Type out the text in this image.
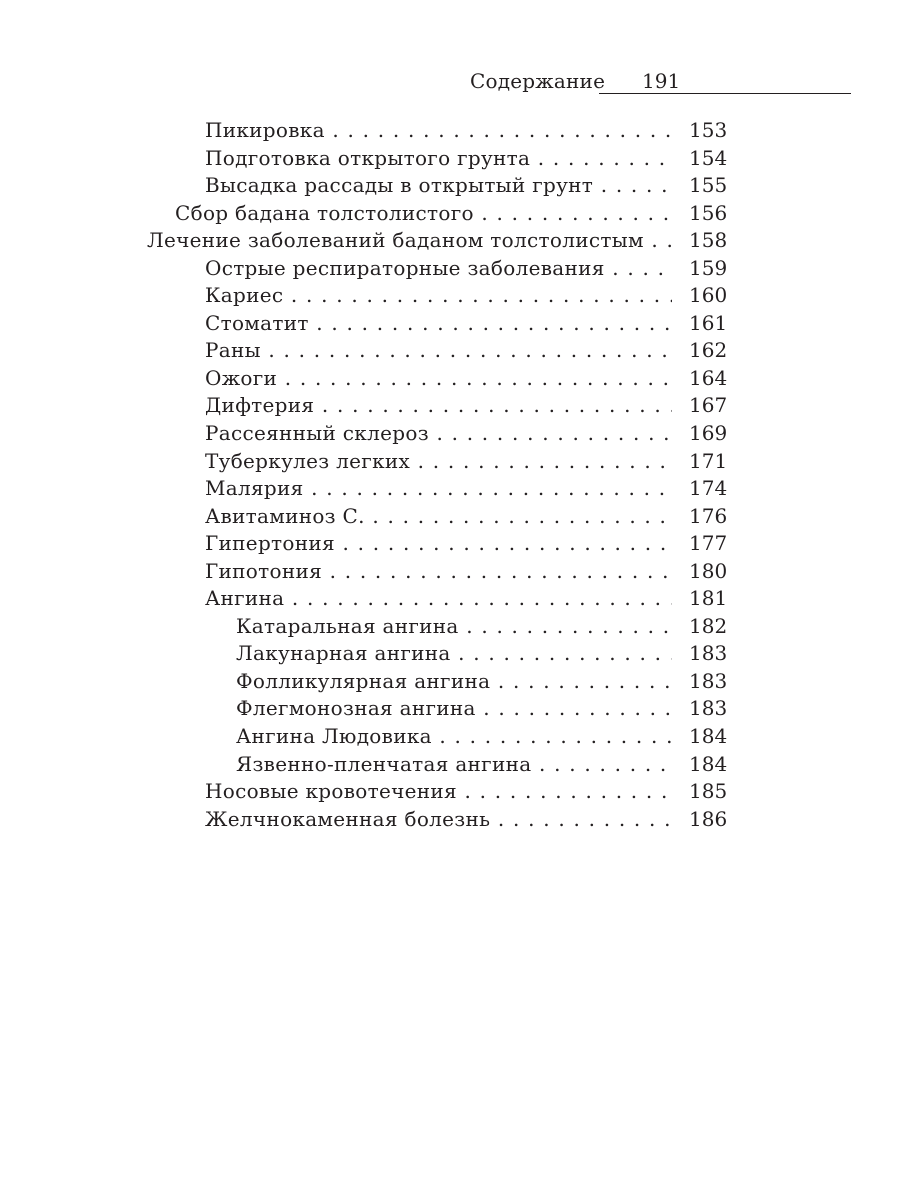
Содержание 191
Пикировка . . .	153
Подготовка открытого грунта . . .	154
Высадка рассады в открытый грунт . . .	155
Сбор бадана толстолистого . . .	156
Лечение заболеваний баданом толстолистым . . .	158
Острые респираторные заболевания . . .	159
Кариес . . .	160
Стоматит . . .	161
Раны . . .	162
Ожоги . . .	164
Дифтерия . . .	167
Рассеянный склероз . . .	169
Туберкулез легких . . .	171
Малярия . . .	174
Авитаминоз С. . . .	176
Гипертония . . .	177
Гипотония . . .	180
Ангина . . .	181
Катаральная ангина . . .	182
Лакунарная ангина . . .	183
Фолликулярная ангина . . .	183
Флегмонозная ангина . . .	183
Ангина Людовика . . .	184
Язвенно-пленчатая ангина . . .	184
Носовые кровотечения . . .	185
Желчнокаменная болезнь . . .	186
